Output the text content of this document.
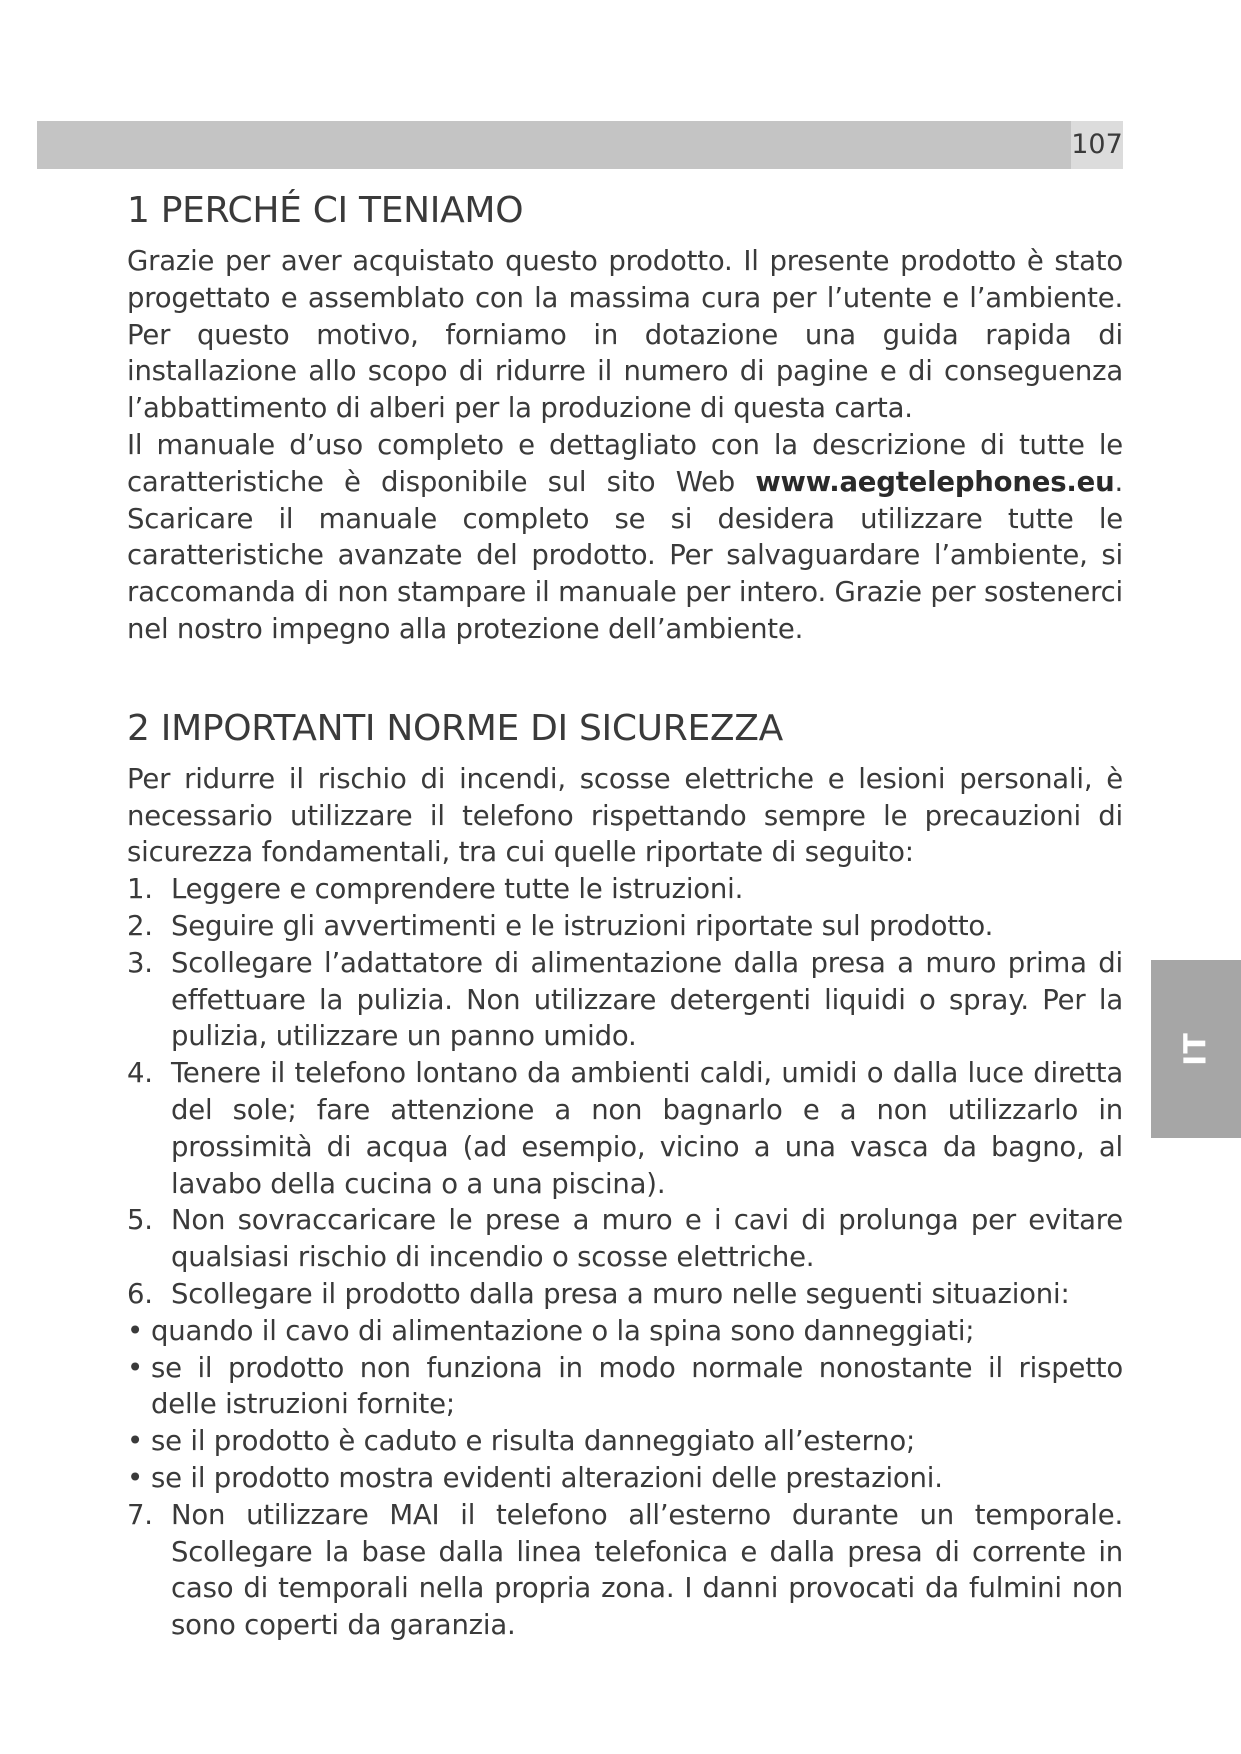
107
IT
1 PERCHÉ CI TENIAMO

Grazie per aver acquistato questo prodotto. Il presente prodotto è stato progettato e assemblato con la massima cura per l’utente e l’ambiente. Per questo motivo, forniamo in dotazione una guida rapida di installazione allo scopo di ridurre il numero di pagine e di conseguenza l’abbattimento di alberi per la produzione di questa carta.

Il manuale d’uso completo e dettagliato con la descrizione di tutte le caratteristiche è disponibile sul sito Web www.aegtelephones.eu. Scaricare il manuale completo se si desidera utilizzare tutte le caratteristiche avanzate del prodotto. Per salvaguardare l’ambiente, si raccomanda di non stampare il manuale per intero. Grazie per sostenerci nel nostro impegno alla protezione dell’ambiente.

2 IMPORTANTI NORME DI SICUREZZA

Per ridurre il rischio di incendi, scosse elettriche e lesioni personali, è necessario utilizzare il telefono rispettando sempre le precauzioni di sicurezza fondamentali, tra cui quelle riportate di seguito:

1. Leggere e comprendere tutte le istruzioni.
2. Seguire gli avvertimenti e le istruzioni riportate sul prodotto.
3. Scollegare l’adattatore di alimentazione dalla presa a muro prima di effettuare la pulizia. Non utilizzare detergenti liquidi o spray. Per la pulizia, utilizzare un panno umido.
4. Tenere il telefono lontano da ambienti caldi, umidi o dalla luce diretta del sole; fare attenzione a non bagnarlo e a non utilizzarlo in prossimità di acqua (ad esempio, vicino a una vasca da bagno, al lavabo della cucina o a una piscina).
5. Non sovraccaricare le prese a muro e i cavi di prolunga per evitare qualsiasi rischio di incendio o scosse elettriche.
6. Scollegare il prodotto dalla presa a muro nelle seguenti situazioni:
• quando il cavo di alimentazione o la spina sono danneggiati;
• se il prodotto non funziona in modo normale nonostante il rispetto delle istruzioni fornite;
• se il prodotto è caduto e risulta danneggiato all’esterno;
• se il prodotto mostra evidenti alterazioni delle prestazioni.
7. Non utilizzare MAI il telefono all’esterno durante un temporale. Scollegare la base dalla linea telefonica e dalla presa di corrente in caso di temporali nella propria zona. I danni provocati da fulmini non sono coperti da garanzia.
